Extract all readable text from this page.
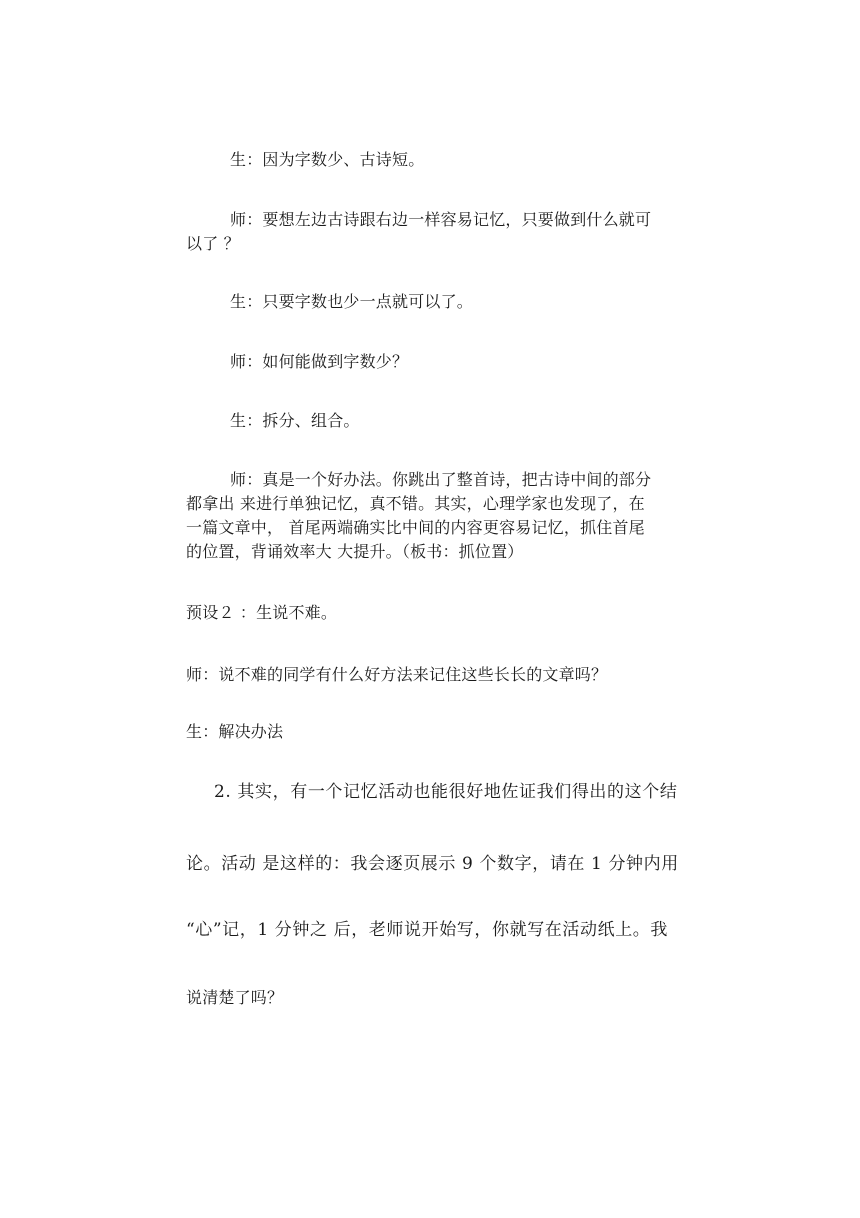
生：因为字数少、古诗短。
师：要想左边古诗跟右边一样容易记忆，只要做到什么就可
以了 ？
生：只要字数也少一点就可以了。
师：如何能做到字数少？
生：拆分、组合。
师：真是一个好办法。你跳出了整首诗，把古诗中间的部分
都拿出 来进行单独记忆，真不错。其实，心理学家也发现了，在
一篇文章中， 首尾两端确实比中间的内容更容易记忆，抓住首尾
的位置，背诵效率大 大提升。（板书：抓位置）
预设２ ：生说不难。
师：说不难的同学有什么好方法来记住这些长长的文章吗？
生：解决办法
2. 其实，有一个记忆活动也能很好地佐证我们得出的这个结
论。活动 是这样的：我会逐页展示 9 个数字，请在 1 分钟内用
“心”记，1 分钟之 后，老师说开始写，你就写在活动纸上。我
说清楚了吗？
